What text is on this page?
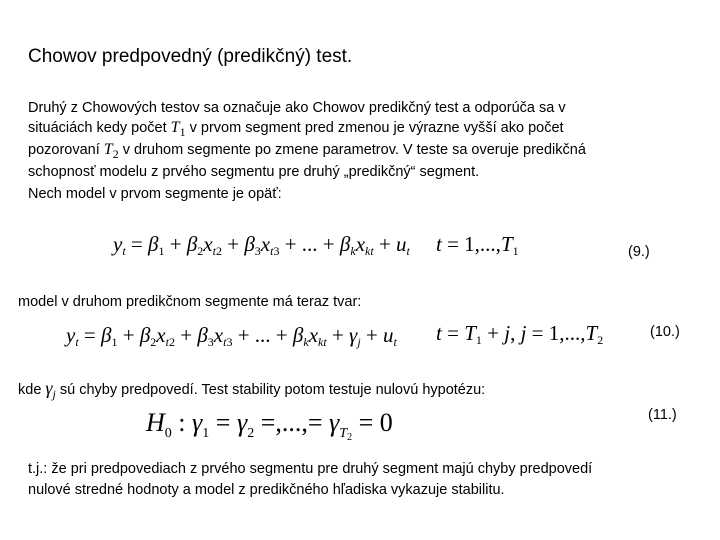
Chowov predpovedný (predikčný) test.
Druhý z Chowových testov sa označuje ako Chowov predikčný test a odporúča sa v
situáciách kedy počet $T_1$ v prvom segment pred zmenou je výrazne vyšší ako počet
pozorovaní $T_2$ v druhom segmente po zmene parametrov. V teste sa overuje predikčná
schopnosť modelu z prvého segmentu pre druhý „predikčný“ segment.
Nech model v prvom segmente je opäť:
$y_t = \beta_1 + \beta_2x_{t2} + \beta_3x_{t3}$ + ... + $\beta_kx_{kt} + u_t$ $t = 1,...,T_1$	(9.)
model v druhom predikčnom segmente má teraz tvar:
$y_t = \beta_1 + \beta_2x_{t2} + \beta_3x_{t3}$ + ... + $\beta_kx_{kt} + \gamma_j + u_t$ $t = T_1 + j$, $j = 1,...,T_2$	(10.)
kde $\gamma_j$ sú chyby predpovedí. Test stability potom testuje nulovú hypotézu:
$H_0$ : $\gamma_1 = \gamma_2$ =,...,= $\gamma_{T_2} = 0$	(11.)
t.j.: že pri predpovediach z prvého segmentu pre druhý segment majú chyby predpovedí
nulové stredné hodnoty a model z predikčného hľadiska vykazuje stabilitu.
